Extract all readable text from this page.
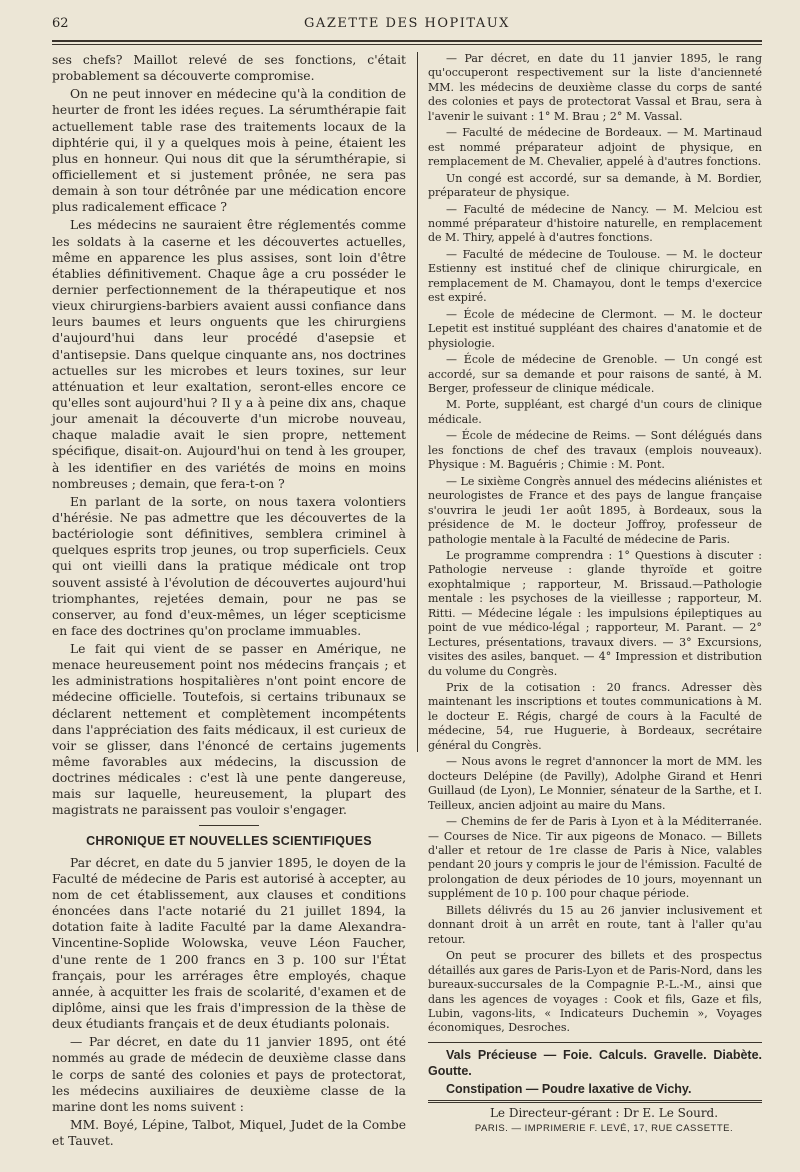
62	GAZETTE DES HOPITAUX

ses chefs? Maillot relevé de ses fonctions, c'était probablement sa découverte compromise.

On ne peut innover en médecine qu'à la condition de heurter de front les idées reçues. La sérumthérapie fait actuellement table rase des traitements locaux de la diphtérie qui, il y a quelques mois à peine, étaient les plus en honneur. Qui nous dit que la sérumthérapie, si officiellement et si justement prônée, ne sera pas demain à son tour détrônée par une médication encore plus radicalement efficace ?

Les médecins ne sauraient être réglementés comme les soldats à la caserne et les découvertes actuelles, même en apparence les plus assises, sont loin d'être établies définitivement. Chaque âge a cru posséder le dernier perfectionnement de la thérapeutique et nos vieux chirurgiens-barbiers avaient aussi confiance dans leurs baumes et leurs onguents que les chirurgiens d'aujourd'hui dans leur procédé d'asepsie et d'antisepsie. Dans quelque cinquante ans, nos doctrines actuelles sur les microbes et leurs toxines, sur leur atténuation et leur exaltation, seront-elles encore ce qu'elles sont aujourd'hui ? Il y a à peine dix ans, chaque jour amenait la découverte d'un microbe nouveau, chaque maladie avait le sien propre, nettement spécifique, disait-on. Aujourd'hui on tend à les grouper, à les identifier en des variétés de moins en moins nombreuses ; demain, que fera-t-on ?

En parlant de la sorte, on nous taxera volontiers d'hérésie. Ne pas admettre que les découvertes de la bactériologie sont définitives, semblera criminel à quelques esprits trop jeunes, ou trop superficiels. Ceux qui ont vieilli dans la pratique médicale ont trop souvent assisté à l'évolution de découvertes aujourd'hui triomphantes, rejetées demain, pour ne pas se conserver, au fond d'eux-mêmes, un léger scepticisme en face des doctrines qu'on proclame immuables.

Le fait qui vient de se passer en Amérique, ne menace heureusement point nos médecins français ; et les administrations hospitalières n'ont point encore de médecine officielle. Toutefois, si certains tribunaux se déclarent nettement et complètement incompétents dans l'appréciation des faits médicaux, il est curieux de voir se glisser, dans l'énoncé de certains jugements même favorables aux médecins, la discussion de doctrines médicales : c'est là une pente dangereuse, mais sur laquelle, heureusement, la plupart des magistrats ne paraissent pas vouloir s'engager.

CHRONIQUE ET NOUVELLES SCIENTIFIQUES

Par décret, en date du 5 janvier 1895, le doyen de la Faculté de médecine de Paris est autorisé à accepter, au nom de cet établissement, aux clauses et conditions énoncées dans l'acte notarié du 21 juillet 1894, la dotation faite à ladite Faculté par la dame Alexandra-Vincentine-Soplide Wolowska, veuve Léon Faucher, d'une rente de 1 200 francs en 3 p. 100 sur l'État français, pour les arrérages être employés, chaque année, à acquitter les frais de scolarité, d'examen et de diplôme, ainsi que les frais d'impression de la thèse de deux étudiants français et de deux étudiants polonais.

— Par décret, en date du 11 janvier 1895, ont été nommés au grade de médecin de deuxième classe dans le corps de santé des colonies et pays de protectorat, les médecins auxiliaires de deuxième classe de la marine dont les noms suivent :

MM. Boyé, Lépine, Talbot, Miquel, Judet de la Combe et Tauvet.

— Par décret, en date du 11 janvier 1895, le rang qu'occuperont respectivement sur la liste d'ancienneté MM. les médecins de deuxième classe du corps de santé des colonies et pays de protectorat Vassal et Brau, sera à l'avenir le suivant : 1° M. Brau ; 2° M. Vassal.

— Faculté de médecine de Bordeaux. — M. Martinaud est nommé préparateur adjoint de physique, en remplacement de M. Chevalier, appelé à d'autres fonctions.

Un congé est accordé, sur sa demande, à M. Bordier, préparateur de physique.

— Faculté de médecine de Nancy. — M. Melciou est nommé préparateur d'histoire naturelle, en remplacement de M. Thiry, appelé à d'autres fonctions.

— Faculté de médecine de Toulouse. — M. le docteur Estienny est institué chef de clinique chirurgicale, en remplacement de M. Chamayou, dont le temps d'exercice est expiré.

— École de médecine de Clermont. — M. le docteur Lepetit est institué suppléant des chaires d'anatomie et de physiologie.

— École de médecine de Grenoble. — Un congé est accordé, sur sa demande et pour raisons de santé, à M. Berger, professeur de clinique médicale.

M. Porte, suppléant, est chargé d'un cours de clinique médicale.

— École de médecine de Reims. — Sont délégués dans les fonctions de chef des travaux (emplois nouveaux). Physique : M. Baguéris ; Chimie : M. Pont.

— Le sixième Congrès annuel des médecins aliénistes et neurologistes de France et des pays de langue française s'ouvrira le jeudi 1er août 1895, à Bordeaux, sous la présidence de M. le docteur Joffroy, professeur de pathologie mentale à la Faculté de médecine de Paris.

Le programme comprendra : 1° Questions à discuter : Pathologie nerveuse : glande thyroïde et goitre exophtalmique ; rapporteur, M. Brissaud.—Pathologie mentale : les psychoses de la vieillesse ; rapporteur, M. Ritti. — Médecine légale : les impulsions épileptiques au point de vue médico-légal ; rapporteur, M. Parant. — 2° Lectures, présentations, travaux divers. — 3° Excursions, visites des asiles, banquet. — 4° Impression et distribution du volume du Congrès.

Prix de la cotisation : 20 francs. Adresser dès maintenant les inscriptions et toutes communications à M. le docteur E. Régis, chargé de cours à la Faculté de médecine, 54, rue Huguerie, à Bordeaux, secrétaire général du Congrès.

— Nous avons le regret d'annoncer la mort de MM. les docteurs Delépine (de Pavilly), Adolphe Girand et Henri Guillaud (de Lyon), Le Monnier, sénateur de la Sarthe, et I. Teilleux, ancien adjoint au maire du Mans.

— Chemins de fer de Paris à Lyon et à la Méditerranée. — Courses de Nice. Tir aux pigeons de Monaco. — Billets d'aller et retour de 1re classe de Paris à Nice, valables pendant 20 jours y compris le jour de l'émission. Faculté de prolongation de deux périodes de 10 jours, moyennant un supplément de 10 p. 100 pour chaque période.

Billets délivrés du 15 au 26 janvier inclusivement et donnant droit à un arrêt en route, tant à l'aller qu'au retour.

On peut se procurer des billets et des prospectus détaillés aux gares de Paris-Lyon et de Paris-Nord, dans les bureaux-succursales de la Compagnie P.-L.-M., ainsi que dans les agences de voyages : Cook et fils, Gaze et fils, Lubin, vagons-lits, « Indicateurs Duchemin », Voyages économiques, Desroches.

Vals Précieuse — Foie. Calculs. Gravelle. Diabète. Goutte.

Constipation — Poudre laxative de Vichy.

Le Directeur-gérant : Dr E. Le Sourd.

PARIS. — IMPRIMERIE F. LEVÉ, 17, RUE CASSETTE.
